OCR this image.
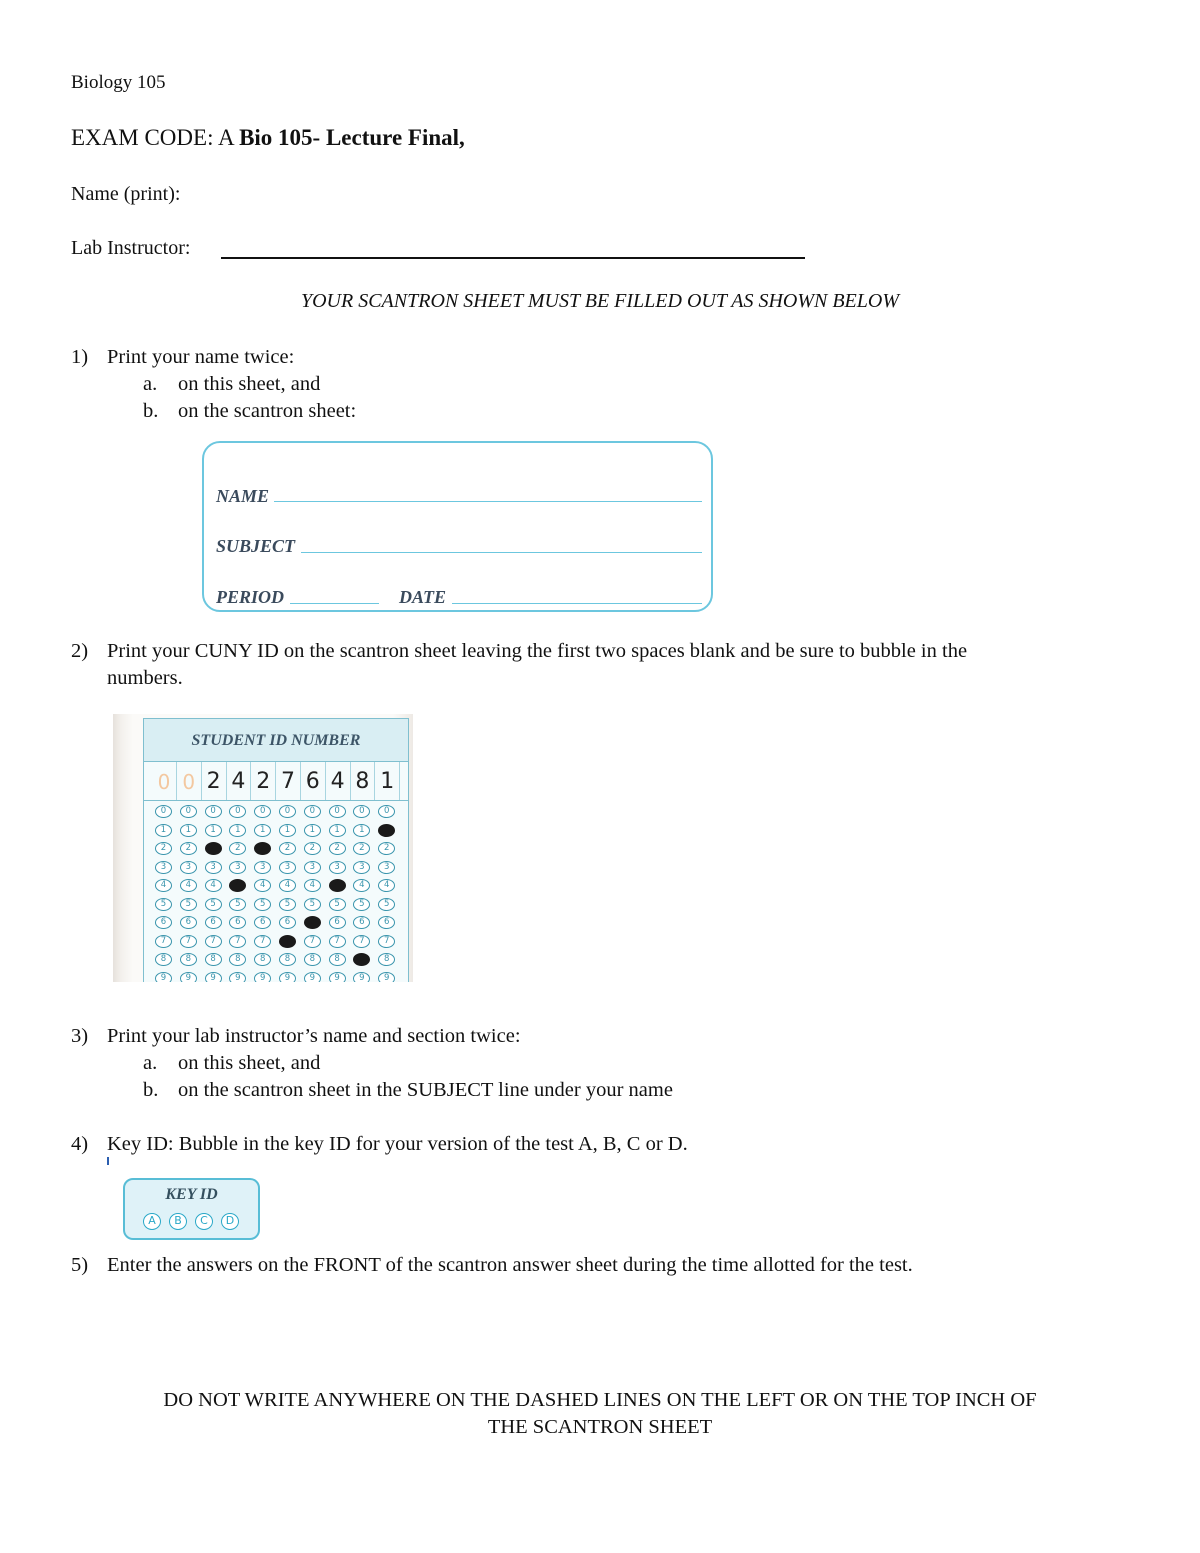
Biology 105
EXAM CODE: A Bio 105- Lecture Final,
Name (print):
Lab Instructor:
YOUR SCANTRON SHEET MUST BE FILLED OUT AS SHOWN BELOW
1) Print your name twice:
a. on this sheet, and
b. on the scantron sheet:
NAME
SUBJECT
PERIOD	DATE
2) Print your CUNY ID on the scantron sheet leaving the first two spaces blank and be sure to bubble in the
numbers.
STUDENT ID NUMBER
0 0 2 4 2 7 6 4 8 1
0	0	0	0	0	0	0	0	0	0
1	1	1	1	1	1	1	1	1	1
2	2	2	2	2	2	2	2	2	2
3	3	3	3	3	3	3	3	3	3
4	4	4	4	4	4	4	4	4	4
5	5	5	5	5	5	5	5	5	5
6	6	6	6	6	6	6	6	6	6
7	7	7	7	7	7	7	7	7	7
8	8	8	8	8	8	8	8	8	8
9	9	9	9	9	9	9	9	9	9
3) Print your lab instructor’s name and section twice:
a. on this sheet, and
b. on the scantron sheet in the SUBJECT line under your name
4) Key ID: Bubble in the key ID for your version of the test A, B, C or D.
KEY ID
A	B	C	D
5) Enter the answers on the FRONT of the scantron answer sheet during the time allotted for the test.
DO NOT WRITE ANYWHERE ON THE DASHED LINES ON THE LEFT OR ON THE TOP INCH OF
THE SCANTRON SHEET
